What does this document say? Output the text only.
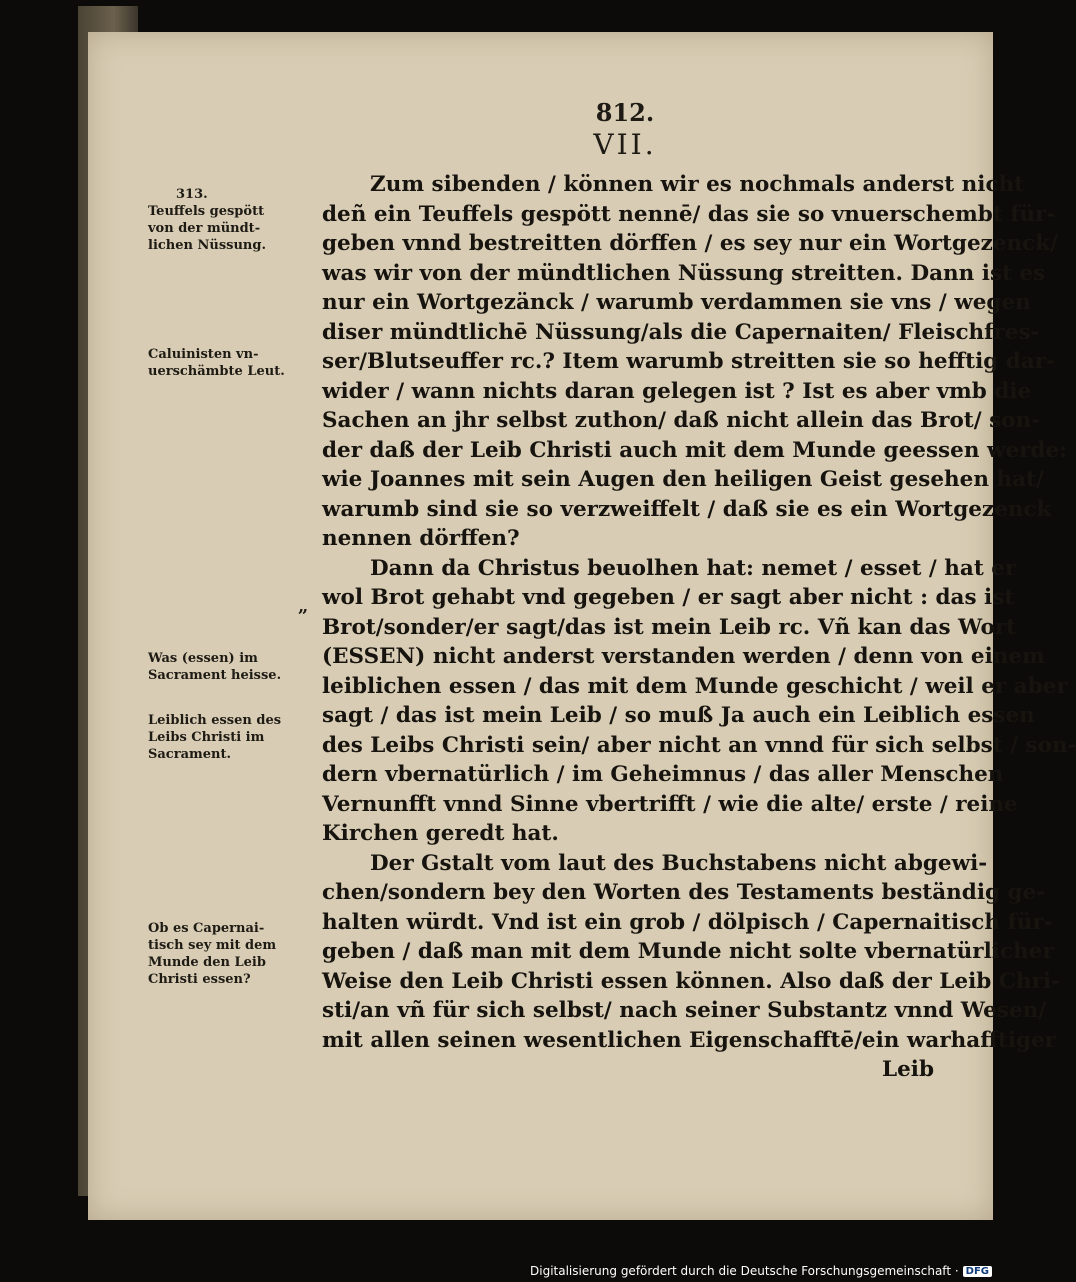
812.
VII.
313.
Teuffels gespött
von der mündt-
lichen Nüssung.
Caluinisten vn-
uerschämbte Leut.
Was (essen) im
Sacrament heisse.
Leiblich essen des
Leibs Christi im
Sacrament.
Ob es Capernai-
tisch sey mit dem
Munde den Leib
Christi essen?
„
Zum sibenden / können wir es nochmals anderst nicht
deñ ein Teuffels gespött nennē/ das sie so vnuerschembt für-
geben vnnd bestreitten dörffen / es sey nur ein Wortgezenck/
was wir von der mündtlichen Nüssung streitten. Dann ist es
nur ein Wortgezänck / warumb verdammen sie vns / wegen
diser mündtlichē Nüssung/als die Capernaiten/ Fleischfres-
ser/Blutseuffer rc.? Item warumb streitten sie so hefftig dar-
wider / wann nichts daran gelegen ist ? Ist es aber vmb die
Sachen an jhr selbst zuthon/ daß nicht allein das Brot/ son-
der daß der Leib Christi auch mit dem Munde geessen werde:
wie Joannes mit sein Augen den heiligen Geist gesehen hat/
warumb sind sie so verzweiffelt / daß sie es ein Wortgezenck
nennen dörffen?
Dann da Christus beuolhen hat: nemet / esset / hat er
wol Brot gehabt vnd gegeben / er sagt aber nicht : das ist
Brot/sonder/er sagt/das ist mein Leib rc. Vñ kan das Wort
(ESSEN) nicht anderst verstanden werden / denn von einem
leiblichen essen / das mit dem Munde geschicht / weil er aber
sagt / das ist mein Leib / so muß Ja auch ein Leiblich essen
des Leibs Christi sein/ aber nicht an vnnd für sich selbst / son-
dern vbernatürlich / im Geheimnus / das aller Menschen
Vernunfft vnnd Sinne vbertrifft / wie die alte/ erste / reine
Kirchen geredt hat.
Der Gstalt vom laut des Buchstabens nicht abgewi-
chen/sondern bey den Worten des Testaments beständig ge-
halten würdt. Vnd ist ein grob / dölpisch / Capernaitisch für-
geben / daß man mit dem Munde nicht solte vbernatürlicher
Weise den Leib Christi essen können. Also daß der Leib Chri-
sti/an vñ für sich selbst/ nach seiner Substantz vnnd Wesen/
mit allen seinen wesentlichen Eigenschafftē/ein warhafftiger
Leib
Digitalisierung gefördert durch die Deutsche Forschungsgemeinschaft · DFG
